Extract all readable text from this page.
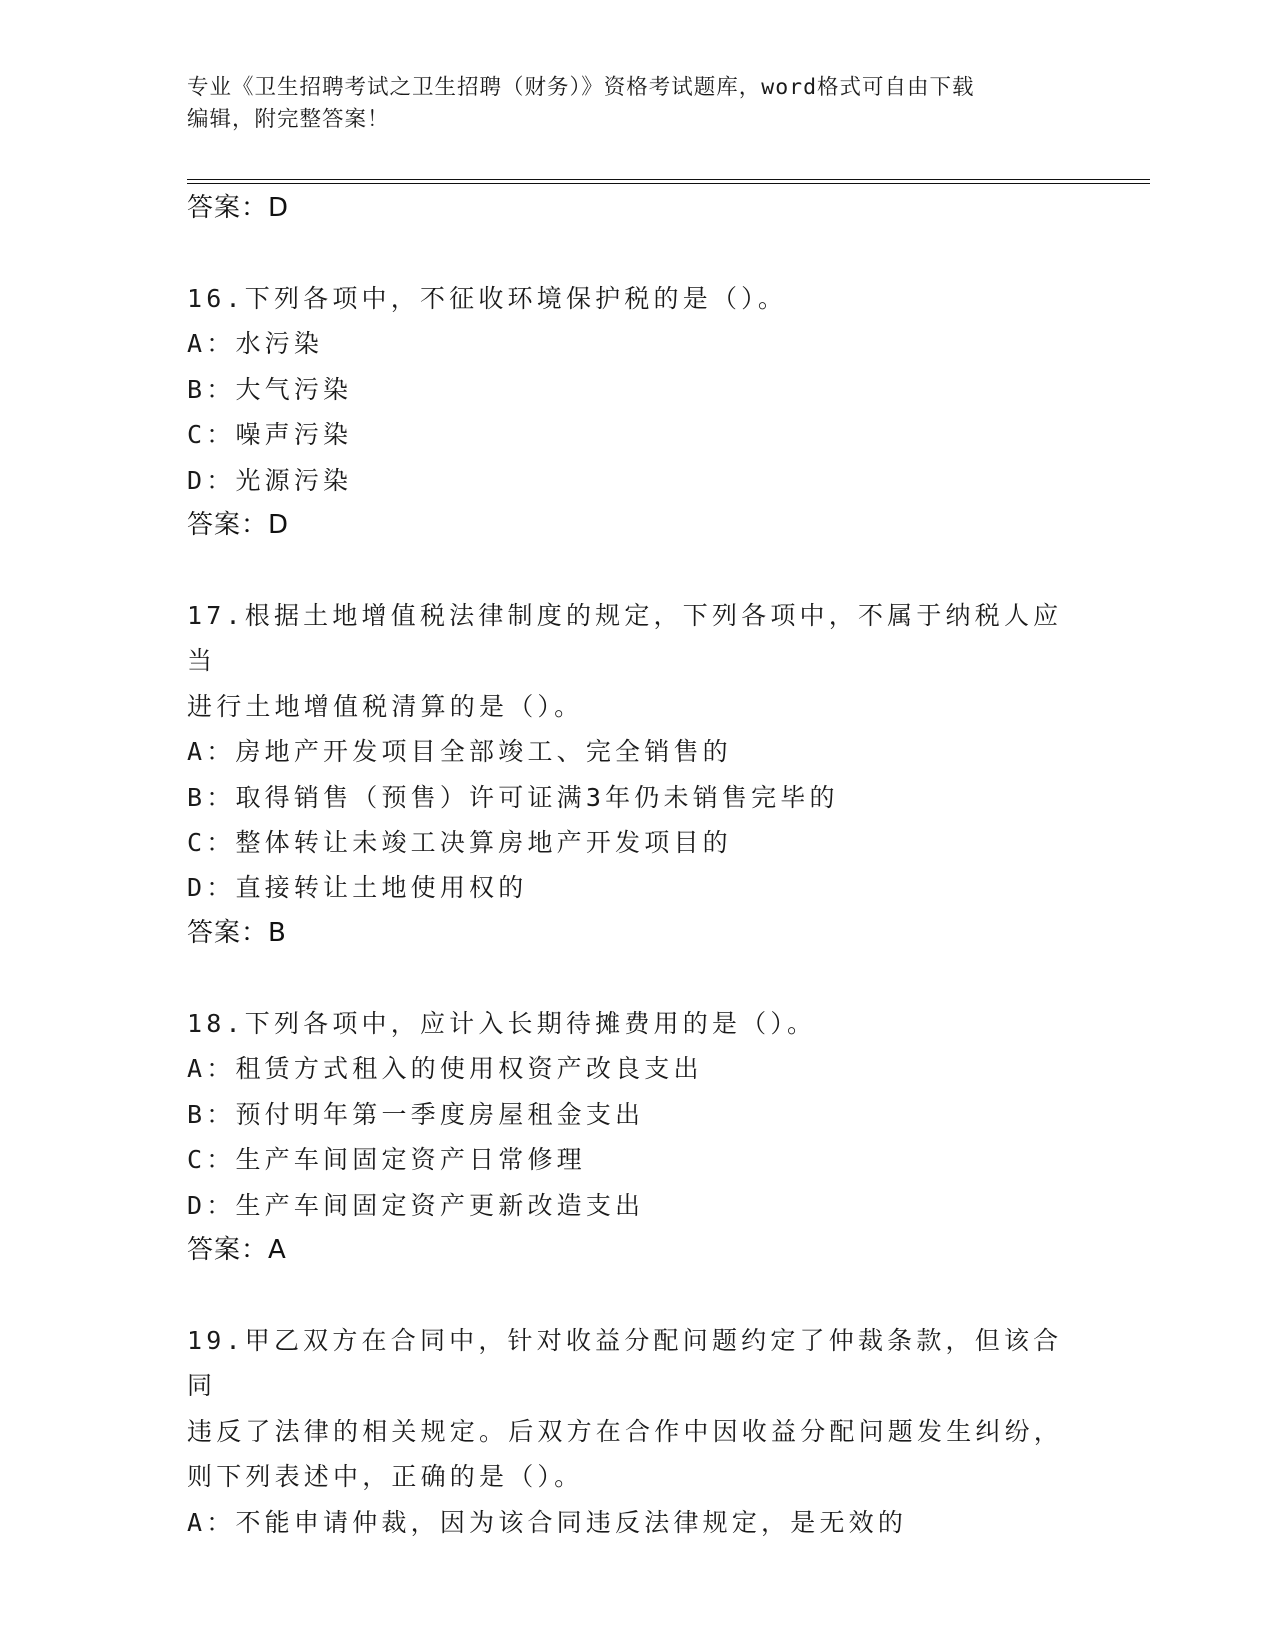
专业《卫生招聘考试之卫生招聘（财务）》资格考试题库，word格式可自由下载
编辑，附完整答案！
答案：D

16.下列各项中，不征收环境保护税的是（）。

A：水污染

B：大气污染

C：噪声污染

D：光源污染

答案：D

17.根据土地增值税法律制度的规定，下列各项中，不属于纳税人应当

进行土地增值税清算的是（）。

A：房地产开发项目全部竣工、完全销售的

B：取得销售（预售）许可证满3年仍未销售完毕的

C：整体转让未竣工决算房地产开发项目的

D：直接转让土地使用权的

答案：B

18.下列各项中，应计入长期待摊费用的是（）。

A：租赁方式租入的使用权资产改良支出

B：预付明年第一季度房屋租金支出

C：生产车间固定资产日常修理

D：生产车间固定资产更新改造支出

答案：A

19.甲乙双方在合同中，针对收益分配问题约定了仲裁条款，但该合同

违反了法律的相关规定。后双方在合作中因收益分配问题发生纠纷，

则下列表述中，正确的是（）。

A：不能申请仲裁，因为该合同违反法律规定，是无效的
